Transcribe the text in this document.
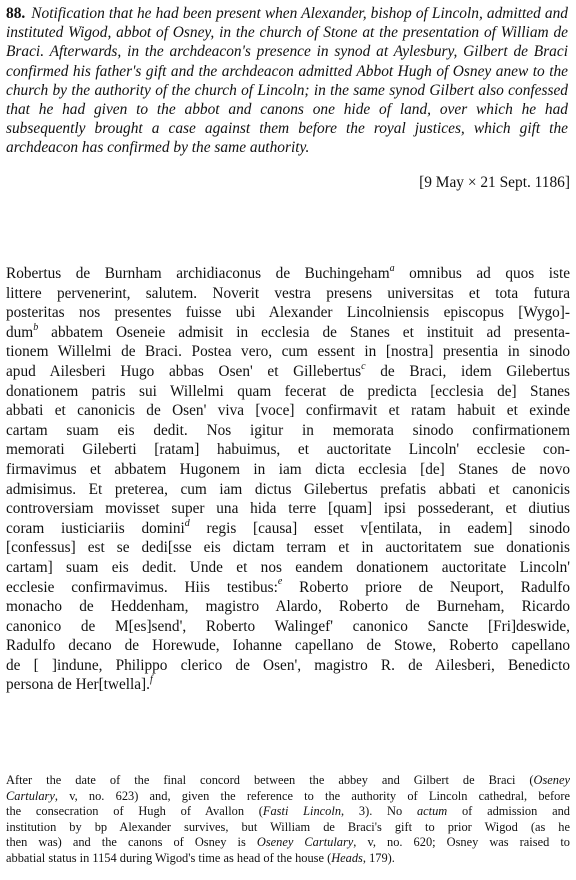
88. Notification that he had been present when Alexander, bishop of Lincoln, admitted and instituted Wigod, abbot of Osney, in the church of Stone at the presentation of William de Braci. Afterwards, in the archdeacon's presence in synod at Aylesbury, Gilbert de Braci confirmed his father's gift and the archdeacon admitted Abbot Hugh of Osney anew to the church by the authority of the church of Lincoln; in the same synod Gilbert also confessed that he had given to the abbot and canons one hide of land, over which he had subsequently brought a case against them before the royal justices, which gift the archdeacon has confirmed by the same authority.
[9 May × 21 Sept. 1186]
Robertus de Burnham archidiaconus de Buchingeham$^a$ omnibus ad quos iste
littere pervenerint, salutem. Noverit vestra presens universitas et tota futura
posteritas nos presentes fuisse ubi Alexander Lincolniensis episcopus [Wygo]-
dum$^b$ abbatem Oseneie admisit in ecclesia de Stanes et instituit ad presenta-
tionem Willelmi de Braci. Postea vero, cum essent in [nostra] presentia in sinodo
apud Ailesberi Hugo abbas Osen' et Gillebertus$^c$ de Braci, idem Gilebertus
donationem patris sui Willelmi quam fecerat de predicta [ecclesia de] Stanes
abbati et canonicis de Osen' viva [voce] confirmavit et ratam habuit et exinde
cartam suam eis dedit. Nos igitur in memorata sinodo confirmationem
memorati Gileberti [ratam] habuimus, et auctoritate Lincoln' ecclesie con-
firmavimus et abbatem Hugonem in iam dicta ecclesia [de] Stanes de novo
admisimus. Et preterea, cum iam dictus Gilebertus prefatis abbati et canonicis
controversiam movisset super una hida terre [quam] ipsi possederant, et diutius
coram iusticiariis domini$^d$ regis [causa] esset v[entilata, in eadem] sinodo
[confessus] est se dedi[sse eis dictam terram et in auctoritatem sue donationis
cartam] suam eis dedit. Unde et nos eandem donationem auctoritate Lincoln'
ecclesie confirmavimus. Hiis testibus:$^e$ Roberto priore de Neuport, Radulfo
monacho de Heddenham, magistro Alardo, Roberto de Burneham, Ricardo
canonico de M[es]send', Roberto Walingef' canonico Sancte [Fri]deswide,
Radulfo decano de Horewude, Iohanne capellano de Stowe, Roberto capellano
de [ ]indune, Philippo clerico de Osen', magistro R. de Ailesberi, Benedicto
persona de Her[twella].$^f$
After the date of the final concord between the abbey and Gilbert de Braci (Oseney
Cartulary, v, no. 623) and, given the reference to the authority of Lincoln cathedral, before
the consecration of Hugh of Avallon (Fasti Lincoln, 3). No actum of admission and
institution by bp Alexander survives, but William de Braci's gift to prior Wigod (as he
then was) and the canons of Osney is Oseney Cartulary, v, no. 620; Osney was raised to
abbatial status in 1154 during Wigod's time as head of the house (Heads, 179).
